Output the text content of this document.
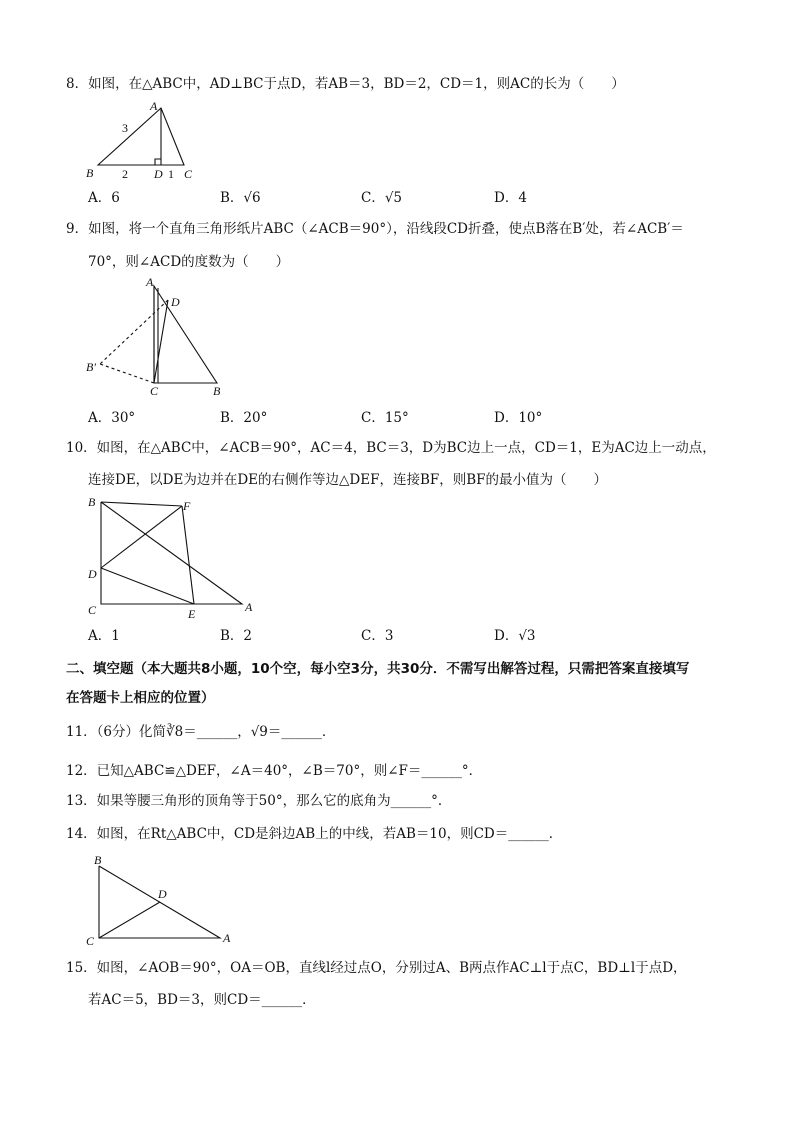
8．如图，在△ABC中，AD⊥BC于点D，若AB＝3，BD＝2，CD＝1，则AC的长为（　　）
A
B	C
D
3
2	1
A．6	B．√6	C．√5	D．4
9．如图，将一个直角三角形纸片ABC（∠ACB＝90°），沿线段CD折叠，使点B落在B′处，若∠ACB′＝
70°，则∠ACD的度数为（　　）
A
D
B′
C	B
A．30°	B．20°	C．15°	D．10°
10．如图，在△ABC中，∠ACB＝90°，AC＝4，BC＝3，D为BC边上一点，CD＝1，E为AC边上一动点，
连接DE，以DE为边并在DE的右侧作等边△DEF，连接BF，则BF的最小值为（　　）
B	F
D
C	E	A
A．1	B．2	C．3	D．√3
二、填空题（本大题共8小题，10个空，每小空3分，共30分．不需写出解答过程，只需把答案直接填写
在答题卡上相应的位置）
11．（6分）化简∛8＝______，√9＝______．
12．已知△ABC≌△DEF，∠A＝40°，∠B＝70°，则∠F＝______°．
13．如果等腰三角形的顶角等于50°，那么它的底角为______°．
14．如图，在Rt△ABC中，CD是斜边AB上的中线，若AB＝10，则CD＝______．
B
D
C	A
15．如图，∠AOB＝90°，OA＝OB，直线l经过点O，分别过A、B两点作AC⊥l于点C，BD⊥l于点D，
若AC＝5，BD＝3，则CD＝______．
